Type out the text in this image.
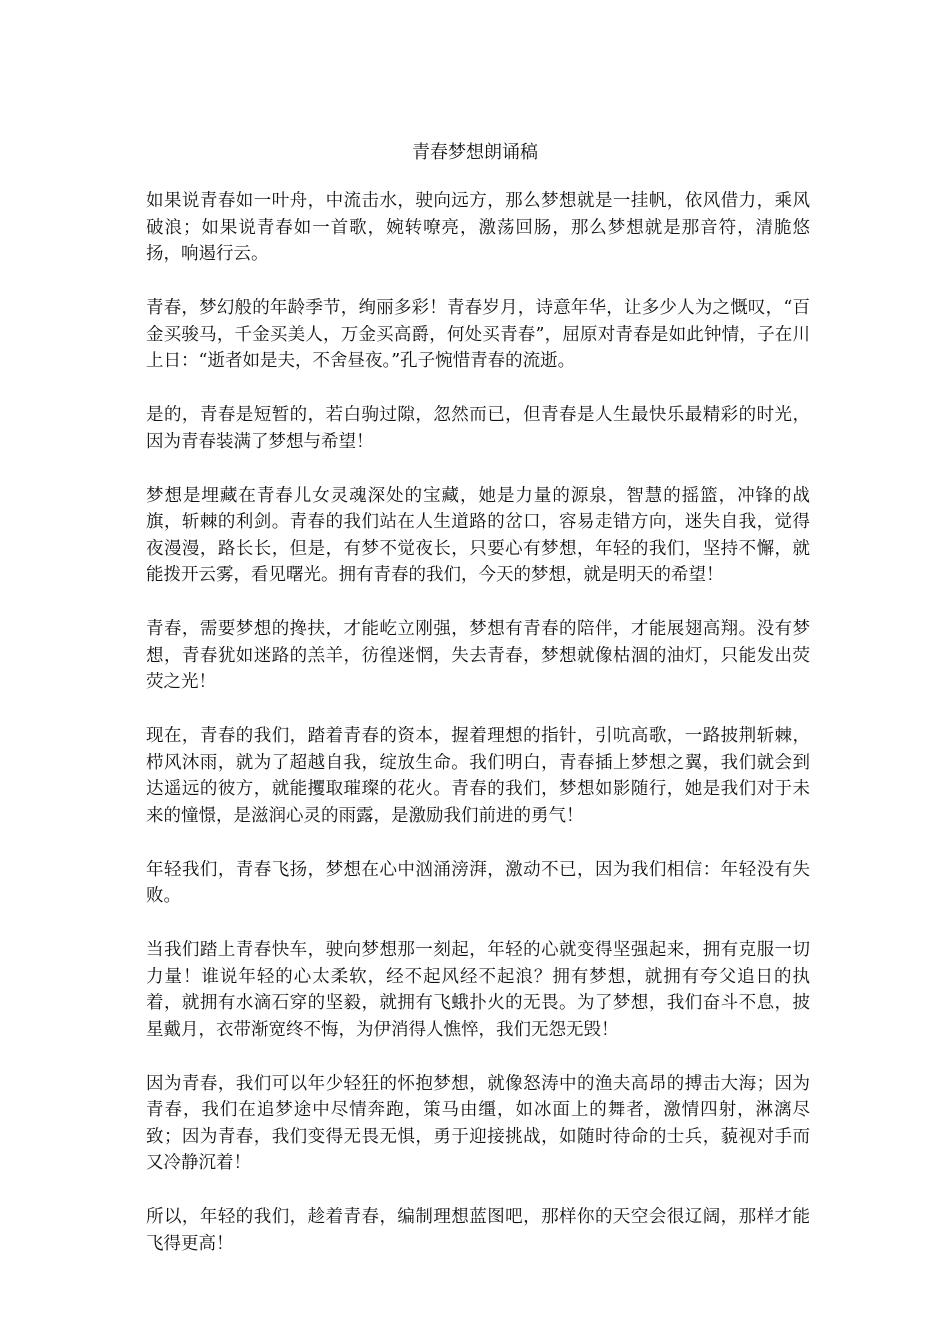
青春梦想朗诵稿

如果说青春如一叶舟，中流击水，驶向远方，那么梦想就是一挂帆，依风借力，乘风破浪；如果说青春如一首歌，婉转嘹亮，激荡回肠，那么梦想就是那音符，清脆悠扬，响遏行云。

青春，梦幻般的年龄季节，绚丽多彩！青春岁月，诗意年华，让多少人为之慨叹，“百金买骏马，千金买美人，万金买高爵，何处买青春”，屈原对青春是如此钟情，子在川上日：“逝者如是夫，不舍昼夜。”孔子惋惜青春的流逝。

是的，青春是短暂的，若白驹过隙，忽然而已，但青春是人生最快乐最精彩的时光，因为青春装满了梦想与希望！

梦想是埋藏在青春儿女灵魂深处的宝藏，她是力量的源泉，智慧的摇篮，冲锋的战旗，斩棘的利剑。青春的我们站在人生道路的岔口，容易走错方向，迷失自我，觉得夜漫漫，路长长，但是，有梦不觉夜长，只要心有梦想，年轻的我们，坚持不懈，就能拨开云雾，看见曙光。拥有青春的我们，今天的梦想，就是明天的希望！

青春，需要梦想的搀扶，才能屹立刚强，梦想有青春的陪伴，才能展翅高翔。没有梦想，青春犹如迷路的羔羊，彷徨迷惘，失去青春，梦想就像枯涸的油灯，只能发出荧荧之光！

现在，青春的我们，踏着青春的资本，握着理想的指针，引吭高歌，一路披荆斩棘，栉风沐雨，就为了超越自我，绽放生命。我们明白，青春插上梦想之翼，我们就会到达遥远的彼方，就能攫取璀璨的花火。青春的我们，梦想如影随行，她是我们对于未来的憧憬，是滋润心灵的雨露，是激励我们前进的勇气！

年轻我们，青春飞扬，梦想在心中汹涌滂湃，激动不已，因为我们相信：年轻没有失败。

当我们踏上青春快车，驶向梦想那一刻起，年轻的心就变得坚强起来，拥有克服一切力量！谁说年轻的心太柔软，经不起风经不起浪？拥有梦想，就拥有夸父追日的执着，就拥有水滴石穿的坚毅，就拥有飞蛾扑火的无畏。为了梦想，我们奋斗不息，披星戴月，衣带渐宽终不悔，为伊消得人憔悴，我们无怨无毁！

因为青春，我们可以年少轻狂的怀抱梦想，就像怒涛中的渔夫高昂的搏击大海；因为青春，我们在追梦途中尽情奔跑，策马由缰，如冰面上的舞者，激情四射，淋漓尽致；因为青春，我们变得无畏无惧，勇于迎接挑战，如随时待命的士兵，藐视对手而又冷静沉着！

所以，年轻的我们，趁着青春，编制理想蓝图吧，那样你的天空会很辽阔，那样才能飞得更高！
